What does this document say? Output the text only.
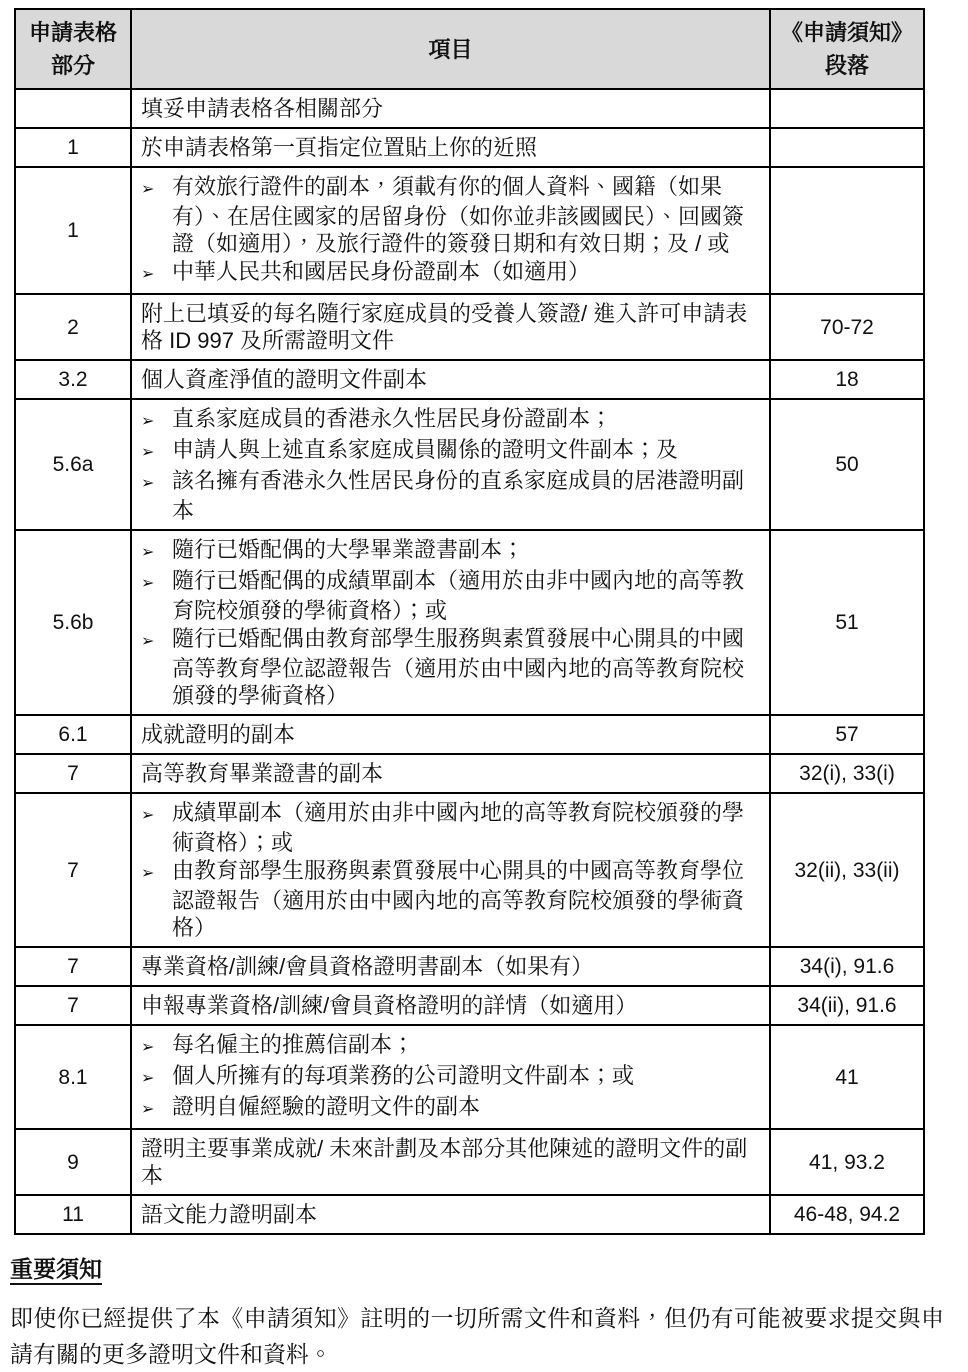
申請表格
部分
	項目	
《申請須知》
段落

	填妥申請表格各相關部分	

1	於申請表格第一頁指定位置貼上你的近照	

1	➢ 有效旅行證件的副本，須載有你的個人資料、國籍（如果有）、在居住國家的居留身份（如你並非該國國民）、回國簽證（如適用），及旅行證件的簽發日期和有效日期；及 / 或
➢ 中華人民共和國居民身份證副本（如適用）	

2	附上已填妥的每名隨行家庭成員的受養人簽證/ 進入許可申請表格 ID 997 及所需證明文件	70-72
3.2	個人資產淨值的證明文件副本	18
5.6a	➢ 直系家庭成員的香港永久性居民身份證副本；
➢ 申請人與上述直系家庭成員關係的證明文件副本；及
➢ 該名擁有香港永久性居民身份的直系家庭成員的居港證明副本	50
5.6b	➢ 隨行已婚配偶的大學畢業證書副本；
➢ 隨行已婚配偶的成績單副本（適用於由非中國內地的高等教育院校頒發的學術資格）；或
➢ 隨行已婚配偶由教育部學生服務與素質發展中心開具的中國高等教育學位認證報告（適用於由中國內地的高等教育院校頒發的學術資格）	51
6.1	成就證明的副本	57
7	高等教育畢業證書的副本	32(i), 33(i)
7	➢ 成績單副本（適用於由非中國內地的高等教育院校頒發的學術資格）；或
➢ 由教育部學生服務與素質發展中心開具的中國高等教育學位認證報告（適用於由中國內地的高等教育院校頒發的學術資格）	32(ii), 33(ii)
7	專業資格/訓練/會員資格證明書副本（如果有）	34(i), 91.6
7	申報專業資格/訓練/會員資格證明的詳情（如適用）	34(ii), 91.6
8.1	➢ 每名僱主的推薦信副本；
➢ 個人所擁有的每項業務的公司證明文件副本；或
➢ 證明自僱經驗的證明文件的副本	41
9	證明主要事業成就/ 未來計劃及本部分其他陳述的證明文件的副本	41, 93.2
11	語文能力證明副本	46-48, 94.2
重要須知
即使你已經提供了本《申請須知》註明的一切所需文件和資料，但仍有可能被要求提交與申請有關的更多證明文件和資料。
